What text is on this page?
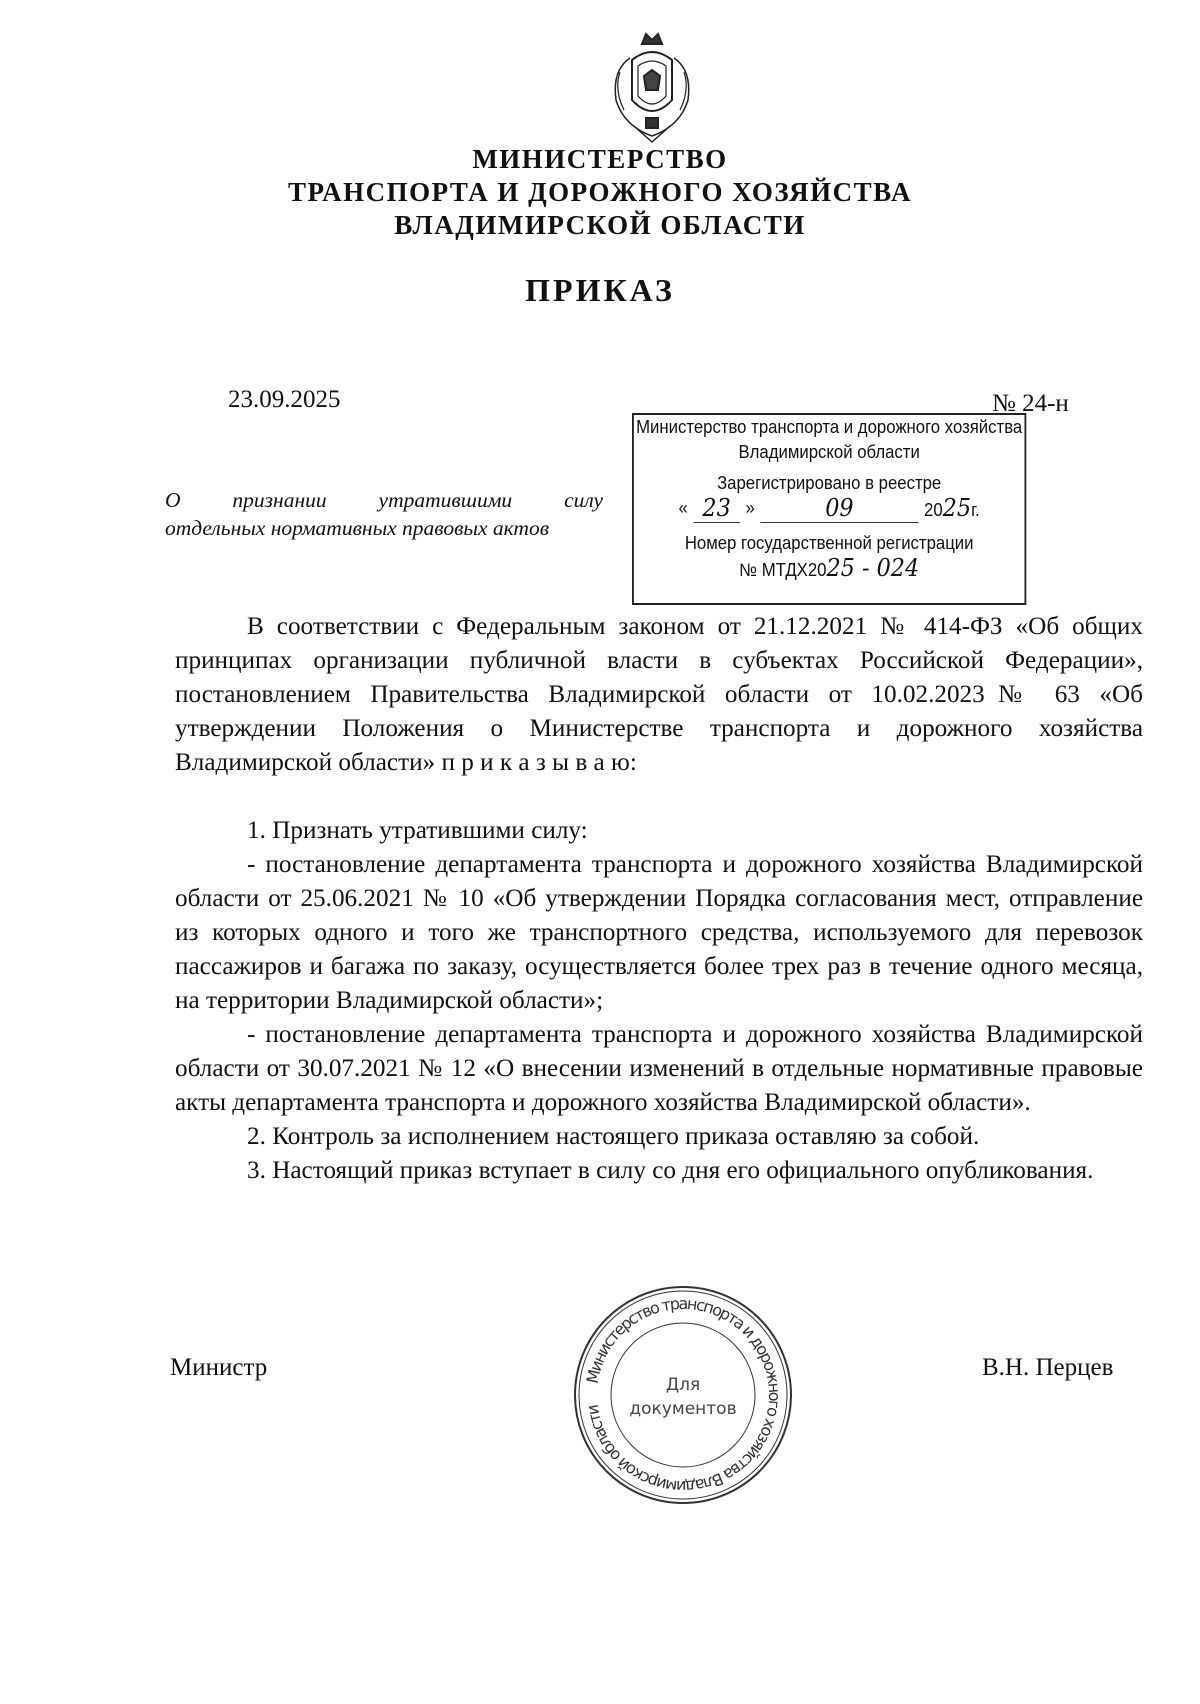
МИНИСТЕРСТВО
ТРАНСПОРТА И ДОРОЖНОГО ХОЗЯЙСТВА
ВЛАДИМИРСКОЙ ОБЛАСТИ
ПРИКАЗ
23.09.2025	№ 24-н
О признании утратившими силу
отдельных нормативных правовых актов
Министерство транспорта и дорожного хозяйства
Владимирской области
Зарегистрировано в реестре
« 23 »	09	2025г.
Номер государственной регистрации
№ МТДХ2025 - 024

В соответствии с Федеральным законом от 21.12.2021 № 414-ФЗ «Об общих принципах организации публичной власти в субъектах Российской Федерации», постановлением Правительства Владимирской области от 10.02.2023№ 63 «Об утверждении Положения о Министерстве транспорта и дорожного хозяйства Владимирской области» п р и к а з ы в а ю:

1. Признать утратившими силу:

- постановление департамента транспорта и дорожного хозяйства Владимирской области от 25.06.2021 № 10 «Об утверждении Порядка согласования мест, отправление из которых одного и того же транспортного средства, используемого для перевозок пассажиров и багажа по заказу, осуществляется более трех раз в течение одного месяца, на территории Владимирской области»;

- постановление департамента транспорта и дорожного хозяйства Владимирской области от 30.07.2021 № 12 «О внесении изменений в отдельные нормативные правовые акты департамента транспорта и дорожного хозяйства Владимирской области».

2. Контроль за исполнением настоящего приказа оставляю за собой.

3. Настоящий приказ вступает в силу со дня его официального опубликования.

Министр	В.Н. Перцев
Министерство транспорта и дорожного хозяйства Владимирской области
Для
документов
